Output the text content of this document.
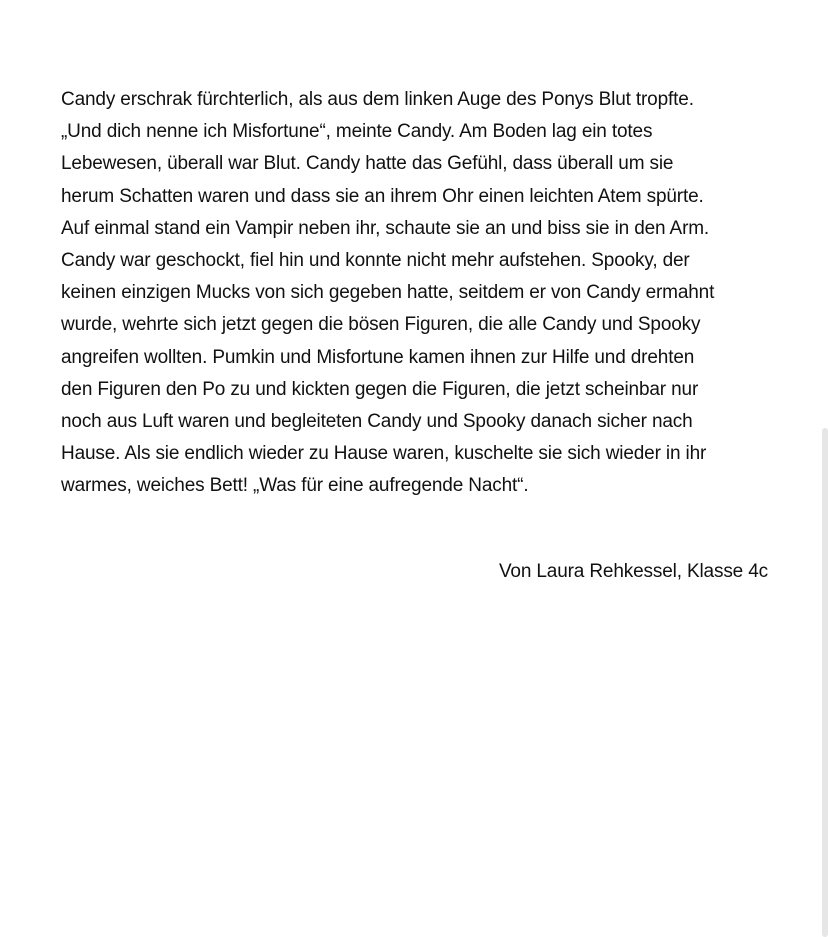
Candy erschrak fürchterlich, als aus dem linken Auge des Ponys Blut tropfte.
„Und dich nenne ich Misfortune“, meinte Candy. Am Boden lag ein totes
Lebewesen, überall war Blut. Candy hatte das Gefühl, dass überall um sie
herum Schatten waren und dass sie an ihrem Ohr einen leichten Atem spürte.
Auf einmal stand ein Vampir neben ihr, schaute sie an und biss sie in den Arm.
Candy war geschockt, fiel hin und konnte nicht mehr aufstehen. Spooky, der
keinen einzigen Mucks von sich gegeben hatte, seitdem er von Candy ermahnt
wurde, wehrte sich jetzt gegen die bösen Figuren, die alle Candy und Spooky
angreifen wollten. Pumkin und Misfortune kamen ihnen zur Hilfe und drehten
den Figuren den Po zu und kickten gegen die Figuren, die jetzt scheinbar nur
noch aus Luft waren und begleiteten Candy und Spooky danach sicher nach
Hause. Als sie endlich wieder zu Hause waren, kuschelte sie sich wieder in ihr
warmes, weiches Bett! „Was für eine aufregende Nacht“.
Von Laura Rehkessel, Klasse 4c
